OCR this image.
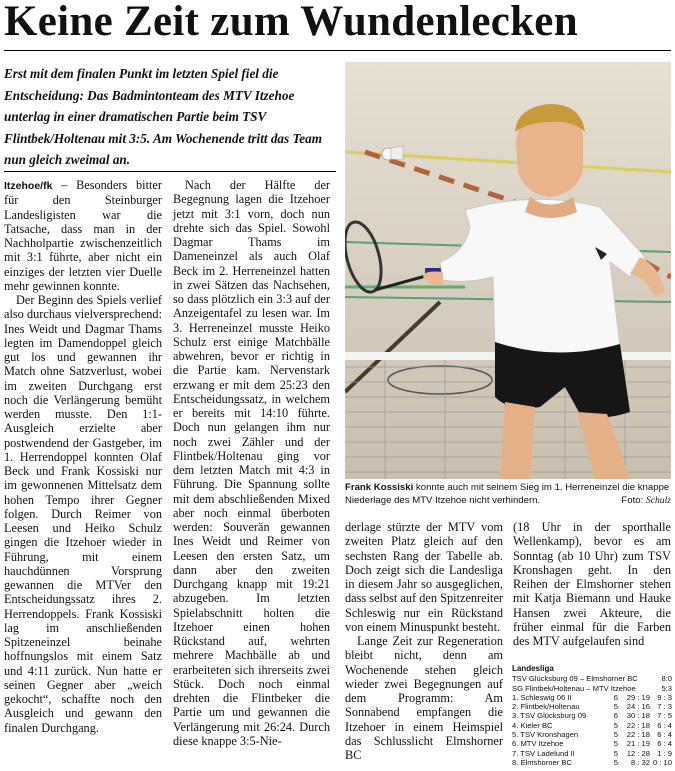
Keine Zeit zum Wundenlecken

Erst mit dem finalen Punkt im letzten Spiel fiel die Entscheidung: Das Badmintonteam des MTV Itzehoe unterlag in einer dramatischen Partie beim TSV Flintbek/Holtenau mit 3:5. Am Wochenende tritt das Team nun gleich zweimal an.

Itzehoe/fk – Besonders bitter für den Steinburger Landesligisten war die Tatsache, dass man in der Nachholpartie zwischenzeitlich mit 3:1 führte, aber nicht ein einziges der letzten vier Duelle mehr gewinnen konnte.

Der Beginn des Spiels verlief also durchaus vielversprechend: Ines Weidt und Dagmar Thams legten im Damendoppel gleich gut los und gewannen ihr Match ohne Satzverlust, wobei im zweiten Durchgang erst noch die Verlängerung bemüht werden musste. Den 1:1-Ausgleich erzielte aber postwendend der Gastgeber, im 1. Herrendoppel konnten Olaf Beck und Frank Kossiski nur im gewonnenen Mittelsatz dem hohen Tempo ihrer Gegner folgen. Durch Reimer von Leesen und Heiko Schulz gingen die Itzehoer wieder in Führung, mit einem hauchdünnen Vorsprung gewannen die MTVer den Entscheidungssatz ihres 2. Herrendoppels. Frank Kossiski lag im anschließenden Spitzeneinzel beinahe hoffnungslos mit einem Satz und 4:11 zurück. Nun hatte er seinen Gegner aber „weich gekocht“, schaffte noch den Ausgleich und gewann den finalen Durchgang.

Nach der Hälfte der Begegnung lagen die Itzehoer jetzt mit 3:1 vorn, doch nun drehte sich das Spiel. Sowohl Dagmar Thams im Dameneinzel als auch Olaf Beck im 2. Herreneinzel hatten in zwei Sätzen das Nachsehen, so dass plötzlich ein 3:3 auf der Anzeigentafel zu lesen war. Im 3. Herreneinzel musste Heiko Schulz erst einige Matchbälle abwehren, bevor er richtig in die Partie kam. Nervenstark erzwang er mit dem 25:23 den Entscheidungssatz, in welchem er bereits mit 14:10 führte. Doch nun gelangen ihm nur noch zwei Zähler und der Flintbek/Holtenau ging vor dem letzten Match mit 4:3 in Führung. Die Spannung sollte mit dem abschließenden Mixed aber noch einmal überboten werden: Souverän gewannen Ines Weidt und Reimer von Leesen den ersten Satz, um dann aber den zweiten Durchgang knapp mit 19:21 abzugeben. Im letzten Spielabschnitt holten die Itzehoer einen hohen Rückstand auf, wehrten mehrere Machbälle ab und erarbeiteten sich ihrerseits zwei Stück. Doch noch einmal drehten die Flintbeker die Partie um und gewannen die Verlängerung mit 26:24. Durch diese knappe 3:5-Nie-

Frank Kossiski konnte auch mit seinem Sieg im 1. Herreneinzel die knappe Niederlage des MTV Itzehoe nicht verhindern.	Foto: Schulz

derlage stürzte der MTV vom zweiten Platz gleich auf den sechsten Rang der Tabelle ab. Doch zeigt sich die Landesliga in diesem Jahr so ausgeglichen, dass selbst auf den Spitzenreiter Schleswig nur ein Rückstand von einem Minuspunkt besteht.

Lange Zeit zur Regeneration bleibt nicht, denn am Wochenende stehen gleich wieder zwei Begegnungen auf dem Programm: Am Sonnabend empfangen die Itzehoer in einem Heimspiel das Schlusslicht Elmshorner BC

(18 Uhr in der sporthalle Wellenkamp), bevor es am Sonntag (ab 10 Uhr) zum TSV Kronshagen geht. In den Reihen der Elmshorner stehen mit Katja Biemann und Hauke Hansen zwei Akteure, die früher einmal für die Farben des MTV aufgelaufen sind

Landesliga
TSV Glücksburg 09 – Elmshorner BC	8:0
SG Flintbek/Holtenau – MTV Itzehoe	5:3
1. Schleswig 06 II	6	29 : 19 9 : 3
2. Flintbek/Holtenau	5	24 : 16 7 : 3
3. TSV Glücksburg 09	6	30 : 18 7 : 5
4. Kieler BC	5	22 : 18 6 : 4
5. TSV Kronshagen	5	22 : 18 6 : 4
6. MTV Itzehoe	5	21 : 19 6 : 4
7. TSV Ladelund II	5	12 : 28 1 : 9
8. Elmshorner BC	5	8 : 32 0 : 10
